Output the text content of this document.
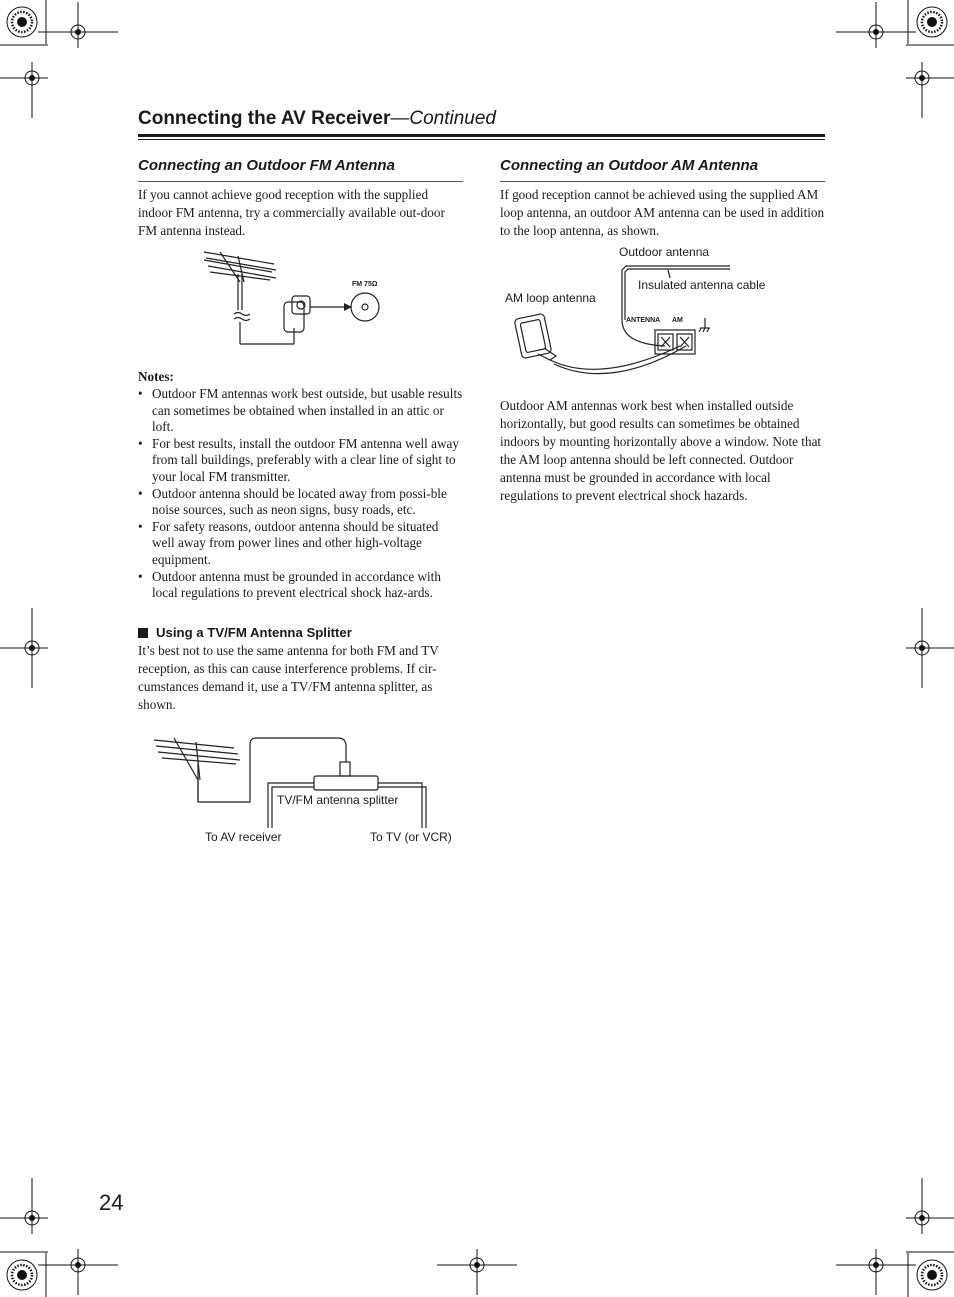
Connecting the AV Receiver—Continued
Connecting an Outdoor FM Antenna
If you cannot achieve good reception with the supplied indoor FM antenna, try a commercially available out-door FM antenna instead.
FM 75Ω
Notes:
• Outdoor FM antennas work best outside, but usable results can sometimes be obtained when installed in an attic or loft.
• For best results, install the outdoor FM antenna well away from tall buildings, preferably with a clear line of sight to your local FM transmitter.
• Outdoor antenna should be located away from possi-ble noise sources, such as neon signs, busy roads, etc.
• For safety reasons, outdoor antenna should be situated well away from power lines and other high-voltage equipment.
• Outdoor antenna must be grounded in accordance with local regulations to prevent electrical shock haz-ards.
Using a TV/FM Antenna Splitter
It’s best not to use the same antenna for both FM and TV reception, as this can cause interference problems. If cir-cumstances demand it, use a TV/FM antenna splitter, as shown.
TV/FM antenna splitter
To AV receiver	To TV (or VCR)
Connecting an Outdoor AM Antenna
If good reception cannot be achieved using the supplied AM loop antenna, an outdoor AM antenna can be used in addition to the loop antenna, as shown.
Outdoor antenna
Insulated antenna cable
AM loop antenna
ANTENNA AM
Outdoor AM antennas work best when installed outside horizontally, but good results can sometimes be obtained indoors by mounting horizontally above a window. Note that the AM loop antenna should be left connected. Outdoor antenna must be grounded in accordance with local regulations to prevent electrical shock hazards.
24
